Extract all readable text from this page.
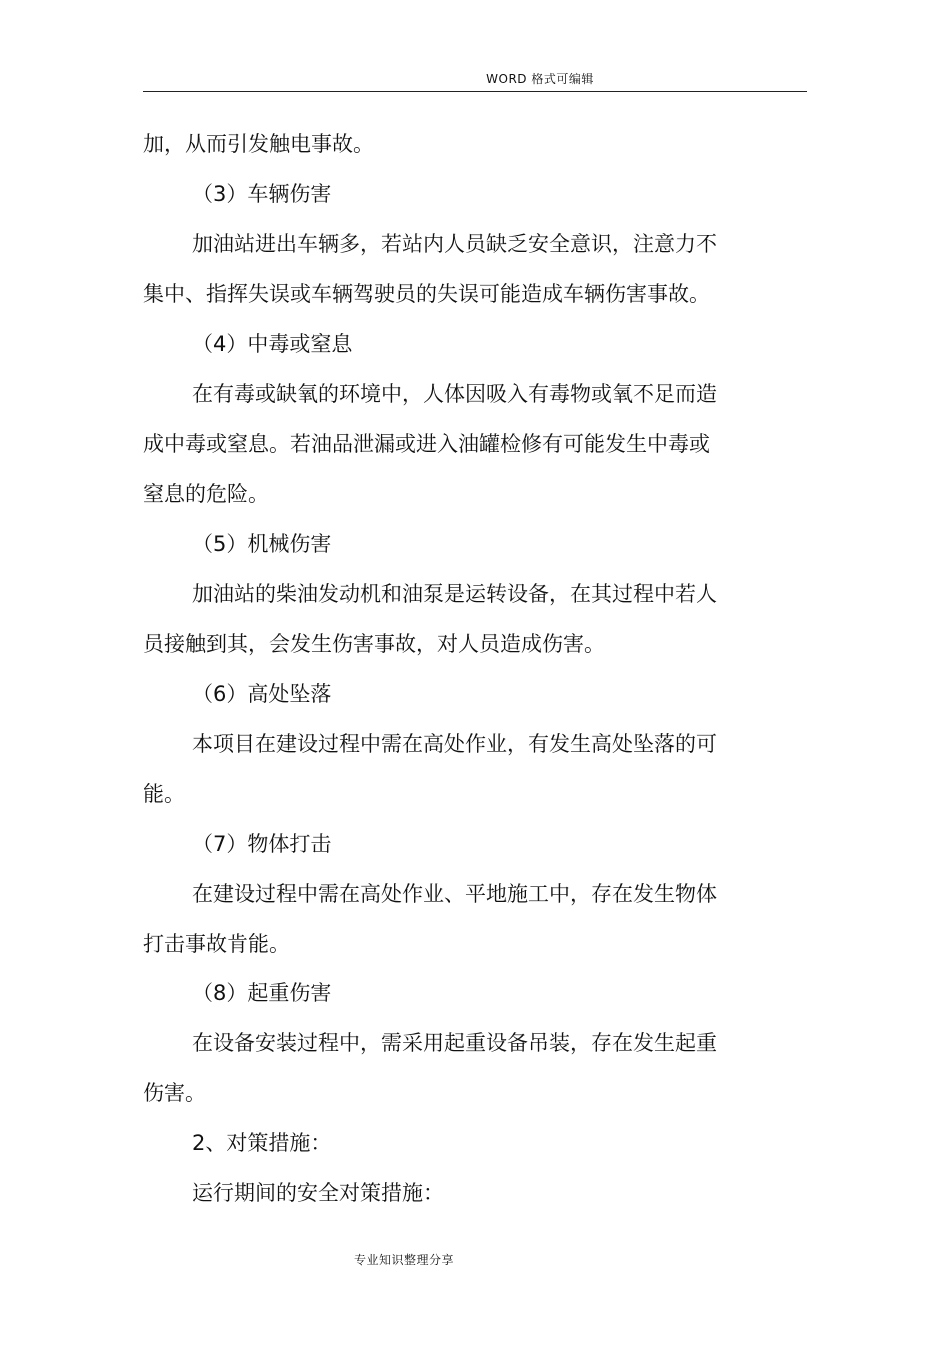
WORD 格式可编辑
加，从而引发触电事故。
（3）车辆伤害
加油站进出车辆多，若站内人员缺乏安全意识，注意力不
集中、指挥失误或车辆驾驶员的失误可能造成车辆伤害事故。
（4）中毒或窒息
在有毒或缺氧的环境中，人体因吸入有毒物或氧不足而造
成中毒或窒息。若油品泄漏或进入油罐检修有可能发生中毒或
窒息的危险。
（5）机械伤害
加油站的柴油发动机和油泵是运转设备，在其过程中若人
员接触到其，会发生伤害事故，对人员造成伤害。
（6）高处坠落
本项目在建设过程中需在高处作业，有发生高处坠落的可
能。
（7）物体打击
在建设过程中需在高处作业、平地施工中，存在发生物体
打击事故肯能。
（8）起重伤害
在设备安装过程中，需采用起重设备吊装，存在发生起重
伤害。
2、对策措施：
运行期间的安全对策措施：
专业知识整理分享
